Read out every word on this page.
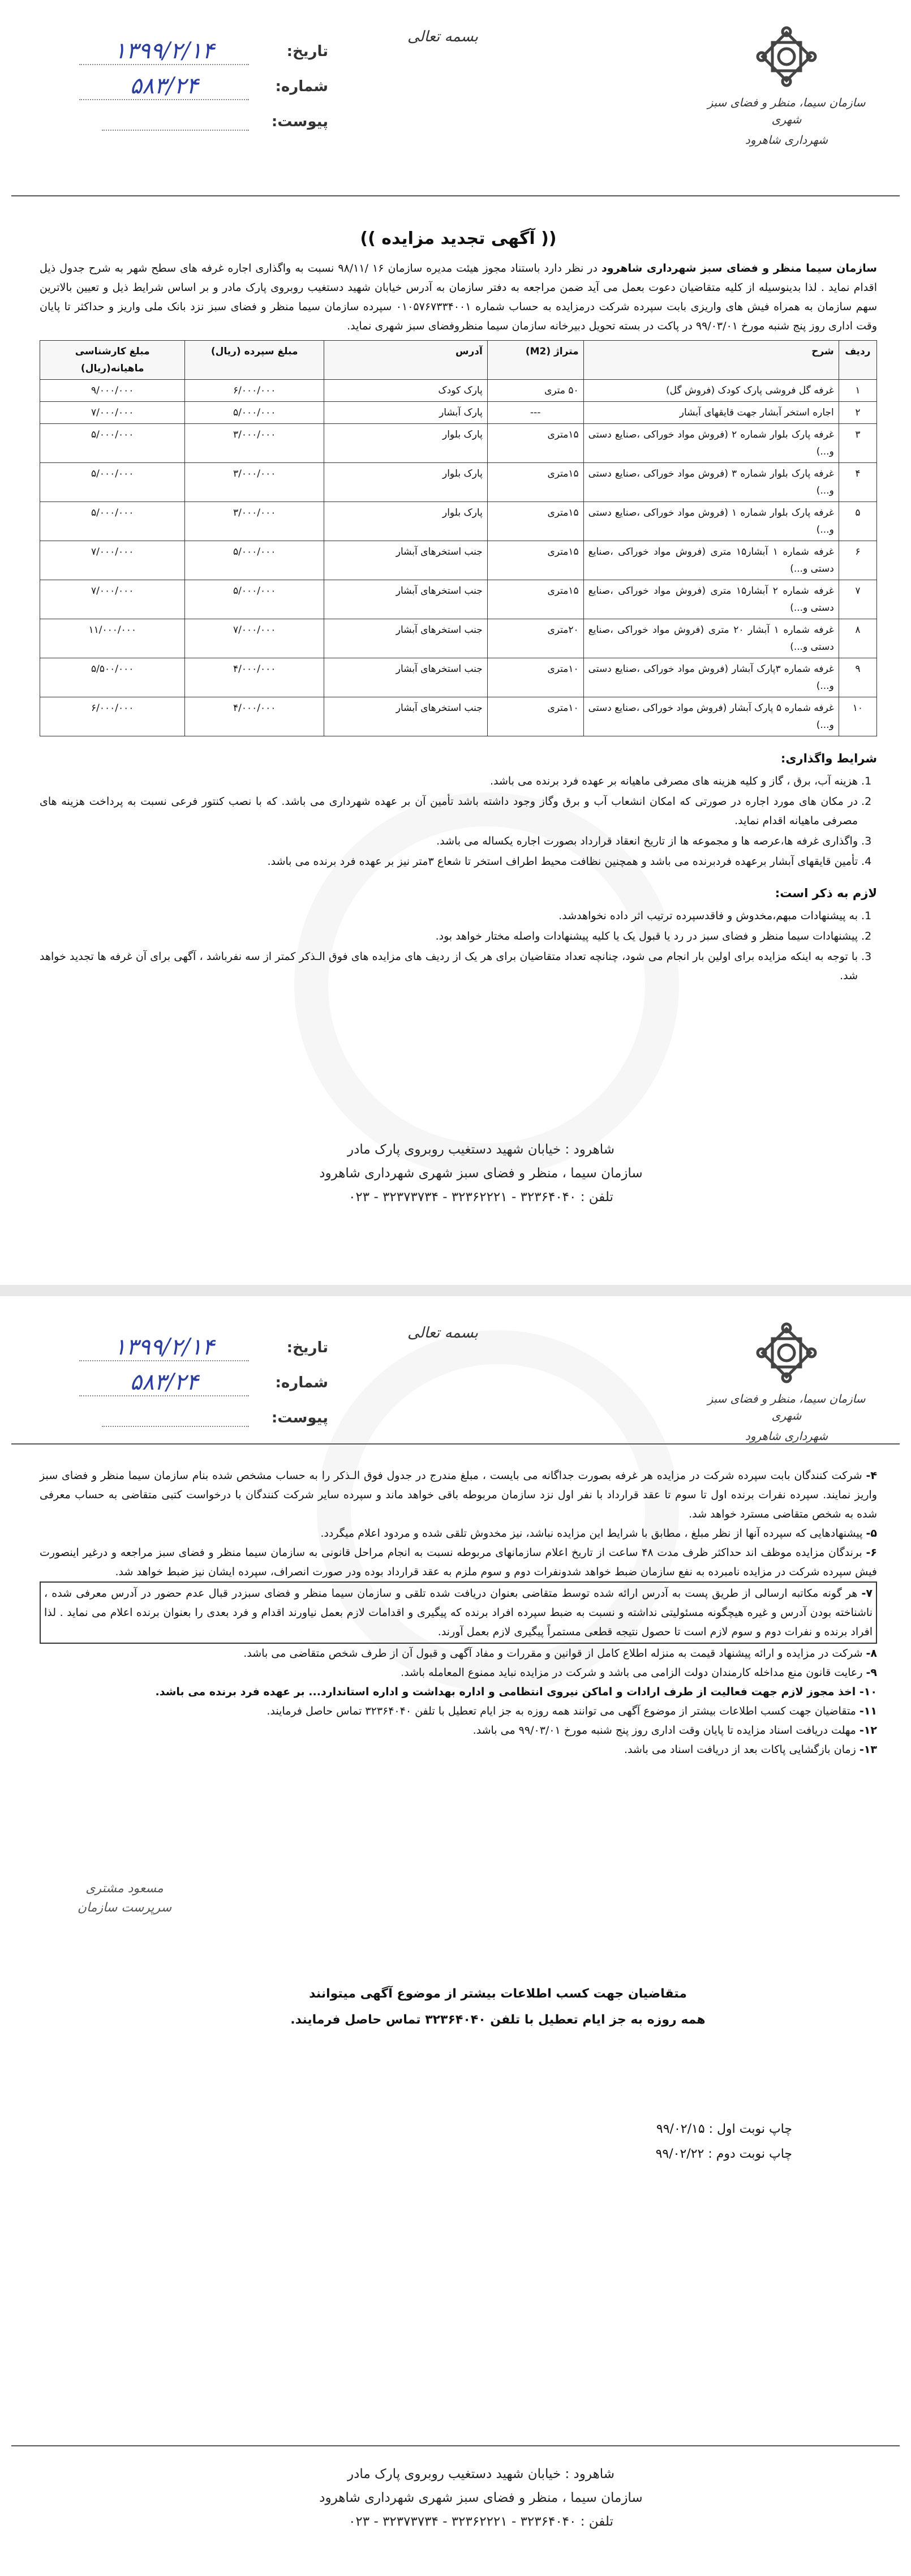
سازمان سیما، منظر و فضای سبز شهری
شهرداری شاهرود
بسمه تعالی
تاریخ:
۱۳۹۹/۲/۱۴
شماره:
۵۸۳/۲۴
پیوست:
(( آگهی تجدید مزایده ))
سازمان سیما منظر و فضای سبز شهرداری شاهرود در نظر دارد باستناد مجوز هیئت مدیره سازمان ۱۶ /۹۸/۱۱ نسبت به واگذاری اجاره غرفه های سطح شهر به شرح جدول ذیل اقدام نماید . لذا بدینوسیله از کلیه متقاضیان دعوت بعمل می آید ضمن مراجعه به دفتر سازمان به آدرس خیابان شهید دستغیب روبروی پارک مادر و بر اساس شرایط ذیل و تعیین بالاترین سهم سازمان به همراه فیش های واریزی بابت سپرده شرکت درمزایده به حساب شماره ۰۱۰۵۷۶۷۳۳۴۰۰۱ سپرده سازمان سیما منظر و فضای سبز نزد بانک ملی واریز و حداکثر تا پایان وقت اداری روز پنج شنبه مورخ ۹۹/۰۳/۰۱ در پاکت در بسته تحویل دبیرخانه سازمان سیما منظروفضای سبز شهری نماید.
ردیف	شرح	متراژ (M2)	آدرس	مبلغ سپرده (ریال)	مبلغ کارشناسی ماهیانه(ریال)
۱	غرفه گل فروشی پارک کودک (فروش گل)	۵۰ متری	پارک کودک	۶/۰۰۰/۰۰۰	۹/۰۰۰/۰۰۰
۲	اجاره استخر آبشار جهت قایقهای آبشار	---	پارک آبشار	۵/۰۰۰/۰۰۰	۷/۰۰۰/۰۰۰
۳	غرفه پارک بلوار شماره ۲ (فروش مواد خوراکی ،صنایع دستی و...)	۱۵متری	پارک بلوار	۳/۰۰۰/۰۰۰	۵/۰۰۰/۰۰۰
۴	غرفه پارک بلوار شماره ۳ (فروش مواد خوراکی ،صنایع دستی و...)	۱۵متری	پارک بلوار	۳/۰۰۰/۰۰۰	۵/۰۰۰/۰۰۰
۵	غرفه پارک بلوار شماره ۱ (فروش مواد خوراکی ،صنایع دستی و...)	۱۵متری	پارک بلوار	۳/۰۰۰/۰۰۰	۵/۰۰۰/۰۰۰
۶	غرفه شماره ۱ آبشار۱۵ متری (فروش مواد خوراکی ،صنایع دستی و...)	۱۵متری	جنب استخرهای آبشار	۵/۰۰۰/۰۰۰	۷/۰۰۰/۰۰۰
۷	غرفه شماره ۲ آبشار۱۵ متری (فروش مواد خوراکی ،صنایع دستی و...)	۱۵متری	جنب استخرهای آبشار	۵/۰۰۰/۰۰۰	۷/۰۰۰/۰۰۰
۸	غرفه شماره ۱ آبشار ۲۰ متری (فروش مواد خوراکی ،صنایع دستی و...)	۲۰متری	جنب استخرهای آبشار	۷/۰۰۰/۰۰۰	۱۱/۰۰۰/۰۰۰
۹	غرفه شماره ۳پارک آبشار (فروش مواد خوراکی ،صنایع دستی و...)	۱۰متری	جنب استخرهای آبشار	۴/۰۰۰/۰۰۰	۵/۵۰۰/۰۰۰
۱۰	غرفه شماره ۵ پارک آبشار (فروش مواد خوراکی ،صنایع دستی و...)	۱۰متری	جنب استخرهای آبشار	۴/۰۰۰/۰۰۰	۶/۰۰۰/۰۰۰
شرایط واگذاری:
1. هزینه آب، برق ، گاز و کلیه هزینه های مصرفی ماهیانه بر عهده فرد برنده می باشد.
2. در مکان های مورد اجاره در صورتی که امکان انشعاب آب و برق وگاز وجود داشته باشد تأمین آن بر عهده شهرداری می باشد. که با نصب کنتور فرعی نسبت به پرداخت هزینه های مصرفی ماهیانه اقدام نماید.
3. واگذاری غرفه ها،عرصه ها و مجموعه ها از تاریخ انعقاد قرارداد بصورت اجاره یکساله می باشد.
4. تأمین قایقهای آبشار برعهده فردبرنده می باشد و همچنین نظافت محیط اطراف استخر تا شعاع ۳متر نیز بر عهده فرد برنده می باشد.
لازم به ذکر است:
1. به پیشنهادات مبهم،مخدوش و فاقدسپرده ترتیب اثر داده نخواهدشد.
2. پیشنهادات سیما منظر و فضای سبز در رد یا قبول یک یا کلیه پیشنهادات واصله مختار خواهد بود.
3. با توجه به اینکه مزایده برای اولین بار انجام می شود، چنانچه تعداد متقاضیان برای هر یک از ردیف های مزایده های فوق الـذکر کمتر از سه نفرباشد ، آگهی برای آن غرفه ها تجدید خواهد شد.
شاهرود : خیابان شهید دستغیب روبروی پارک مادر
سازمان سیما ، منظر و فضای سبز شهری شهرداری شاهرود
تلفن : ۳۲۳۶۴۰۴۰ - ۳۲۳۶۲۲۲۱ - ۳۲۳۷۳۷۳۴ - ۰۲۳
سازمان سیما، منظر و فضای سبز شهری
شهرداری شاهرود
بسمه تعالی
تاریخ:
۱۳۹۹/۲/۱۴
شماره:
۵۸۳/۲۴
پیوست:
۴- شرکت کنندگان بابت سپرده شرکت در مزایده هر غرفه بصورت جداگانه می بایست ، مبلغ مندرج در جدول فوق الـذکر را به حساب مشخص شده بنام سازمان سیما منظر و فضای سبز واریز نمایند. سپرده نفرات برنده اول تا سوم تا عقد قرارداد با نفر اول نزد سازمان مربوطه باقی خواهد ماند و سپرده سایر شرکت کنندگان با درخواست کتبی متقاضی به حساب معرفی شده به شخص متقاضی مسترد خواهد شد.
۵- پیشنهادهایی که سپرده آنها از نظر مبلغ ، مطابق با شرایط این مزایده نباشد، نیز مخدوش تلقی شده و مردود اعلام میگردد.
۶- برندگان مزایده موظف اند حداکثر ظرف مدت ۴۸ ساعت از تاریخ اعلام سازمانهای مربوطه نسبت به انجام مراحل قانونی به سازمان سیما منظر و فضای سبز مراجعه و درغیر اینصورت فیش سپرده شرکت در مزایده نامبرده به نفع سازمان ضبط خواهد شدونفرات دوم و سوم ملزم به عقد قرارداد بوده ودر صورت انصراف، سپرده ایشان نیز ضبط خواهد شد.
۷- هر گونه مکاتبه ارسالی از طریق پست به آدرس ارائه شده توسط متقاضی بعنوان دریافت شده تلقی و سازمان سیما منظر و فضای سبزدر قبال عدم حضور در آدرس معرفی شده ، ناشناخته بودن آدرس و غیره هیچگونه مسئولیتی نداشته و نسبت به ضبط سپرده افراد برنده که پیگیری و اقدامات لازم بعمل نیاورند اقدام و فرد بعدی را بعنوان برنده اعلام می نماید . لذا افراد برنده و نفرات دوم و سوم لازم است تا حصول نتیجه قطعی مستمراً پیگیری لازم بعمل آورند.
۸- شرکت در مزایده و ارائه پیشنهاد قیمت به منزله اطلاع کامل از قوانین و مقررات و مفاد آگهی و قبول آن از طرف شخص متقاضی می باشد.
۹- رعایت قانون منع مداخله کارمندان دولت الزامی می باشد و شرکت در مزایده نباید ممنوع المعامله باشد.
۱۰- اخذ مجوز لازم جهت فعالیت از طرف ارادات و اماکن نیروی انتظامی و اداره بهداشت و اداره استاندارد... بر عهده فرد برنده می باشد.
۱۱- متقاضیان جهت کسب اطلاعات بیشتر از موضوع آگهی می توانند همه روزه به جز ایام تعطیل با تلفن ۳۲۳۶۴۰۴۰ تماس حاصل فرمایند.
۱۲- مهلت دریافت اسناد مزایده تا پایان وقت اداری روز پنج شنبه مورخ ۹۹/۰۳/۰۱ می باشد.
۱۳- زمان بازگشایی پاکات بعد از دریافت اسناد می باشد.
مسعود مشتری
سرپرست سازمان
متقاضیان جهت کسب اطلاعات بیشتر از موضوع آگهی میتوانند
همه روزه به جز ایام تعطیل با تلفن ۳۲۳۶۴۰۴۰ تماس حاصل فرمایند.
چاپ نوبت اول : ۹۹/۰۲/۱۵
چاپ نوبت دوم : ۹۹/۰۲/۲۲
شاهرود : خیابان شهید دستغیب روبروی پارک مادر
سازمان سیما ، منظر و فضای سبز شهری شهرداری شاهرود
تلفن : ۳۲۳۶۴۰۴۰ - ۳۲۳۶۲۲۲۱ - ۳۲۳۷۳۷۳۴ - ۰۲۳
